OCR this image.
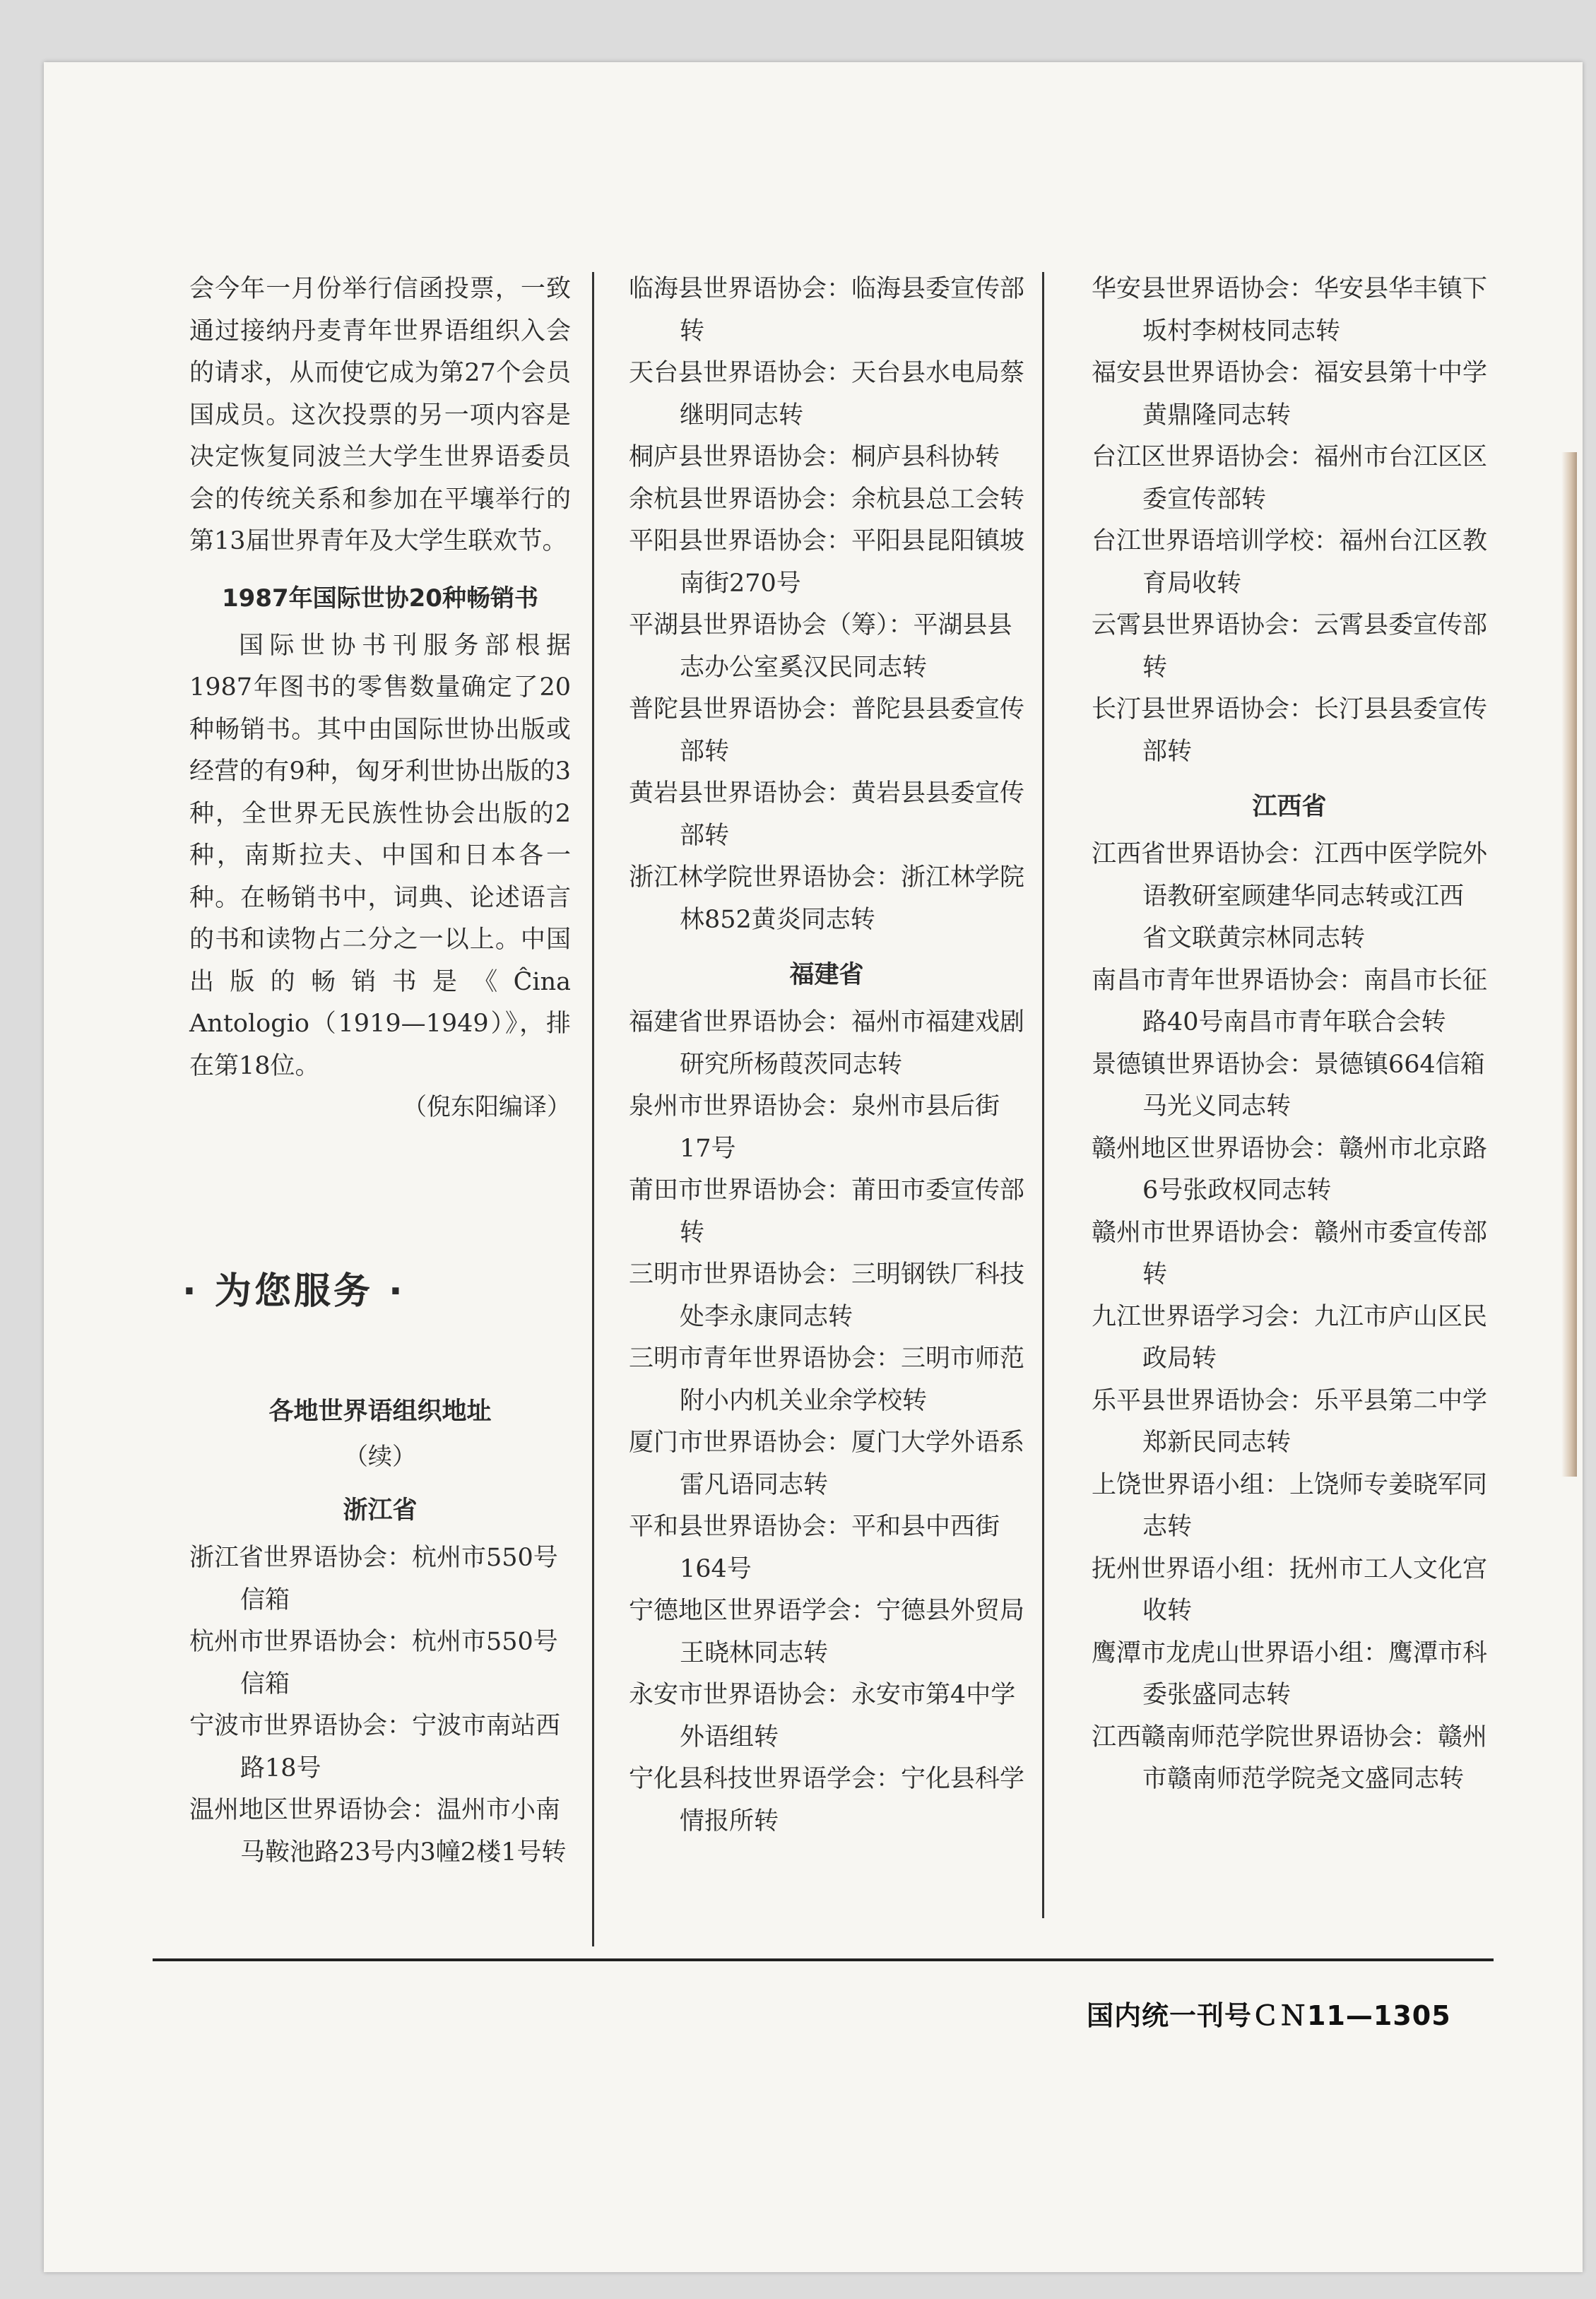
会今年一月份举行信函投票，一致通过接纳丹麦青年世界语组织入会的请求，从而使它成为第27个会员国成员。这次投票的另一项内容是决定恢复同波兰大学生世界语委员会的传统关系和参加在平壤举行的第13届世界青年及大学生联欢节。

1987年国际世协20种畅销书

国际世协书刊服务部根据1987年图书的零售数量确定了20种畅销书。其中由国际世协出版或经营的有9种，匈牙利世协出版的3种，全世界无民族性协会出版的2种，南斯拉夫、中国和日本各一种。在畅销书中，词典、论述语言的书和读物占二分之一以上。中国出版的畅销书是《Ĉina Antologio（1919—1949）》，排在第18位。

（倪东阳编译）

· 为您服务 ·
各地世界语组织地址
（续）
浙江省
浙江省世界语协会：杭州市550号信箱
杭州市世界语协会：杭州市550号信箱
宁波市世界语协会：宁波市南站西路18号
温州地区世界语协会：温州市小南马鞍池路23号内3幢2楼1号转
临海县世界语协会：临海县委宣传部转
天台县世界语协会：天台县水电局蔡继明同志转
桐庐县世界语协会：桐庐县科协转
余杭县世界语协会：余杭县总工会转
平阳县世界语协会：平阳县昆阳镇坡南街270号
平湖县世界语协会（筹）：平湖县县志办公室奚汉民同志转
普陀县世界语协会：普陀县县委宣传部转
黄岩县世界语协会：黄岩县县委宣传部转
浙江林学院世界语协会：浙江林学院林852黄炎同志转
福建省
福建省世界语协会：福州市福建戏剧研究所杨葭茨同志转
泉州市世界语协会：泉州市县后街17号
莆田市世界语协会：莆田市委宣传部转
三明市世界语协会：三明钢铁厂科技处李永康同志转
三明市青年世界语协会：三明市师范附小内机关业余学校转
厦门市世界语协会：厦门大学外语系雷凡语同志转
平和县世界语协会：平和县中西街164号
宁德地区世界语学会：宁德县外贸局王晓林同志转
永安市世界语协会：永安市第4中学外语组转
宁化县科技世界语学会：宁化县科学情报所转
华安县世界语协会：华安县华丰镇下坂村李树枝同志转
福安县世界语协会：福安县第十中学黄鼎隆同志转
台江区世界语协会：福州市台江区区委宣传部转
台江世界语培训学校：福州台江区教育局收转
云霄县世界语协会：云霄县委宣传部转
长汀县世界语协会：长汀县县委宣传部转
江西省
江西省世界语协会：江西中医学院外语教研室顾建华同志转或江西省文联黄宗林同志转
南昌市青年世界语协会：南昌市长征路40号南昌市青年联合会转
景德镇世界语协会：景德镇664信箱马光义同志转
赣州地区世界语协会：赣州市北京路6号张政权同志转
赣州市世界语协会：赣州市委宣传部转
九江世界语学习会：九江市庐山区民政局转
乐平县世界语协会：乐平县第二中学郑新民同志转
上饶世界语小组：上饶师专姜晓军同志转
抚州世界语小组：抚州市工人文化宫收转
鹰潭市龙虎山世界语小组：鹰潭市科委张盛同志转
江西赣南师范学院世界语协会：赣州市赣南师范学院尧文盛同志转
国内统一刊号ＣＮ11—1305
